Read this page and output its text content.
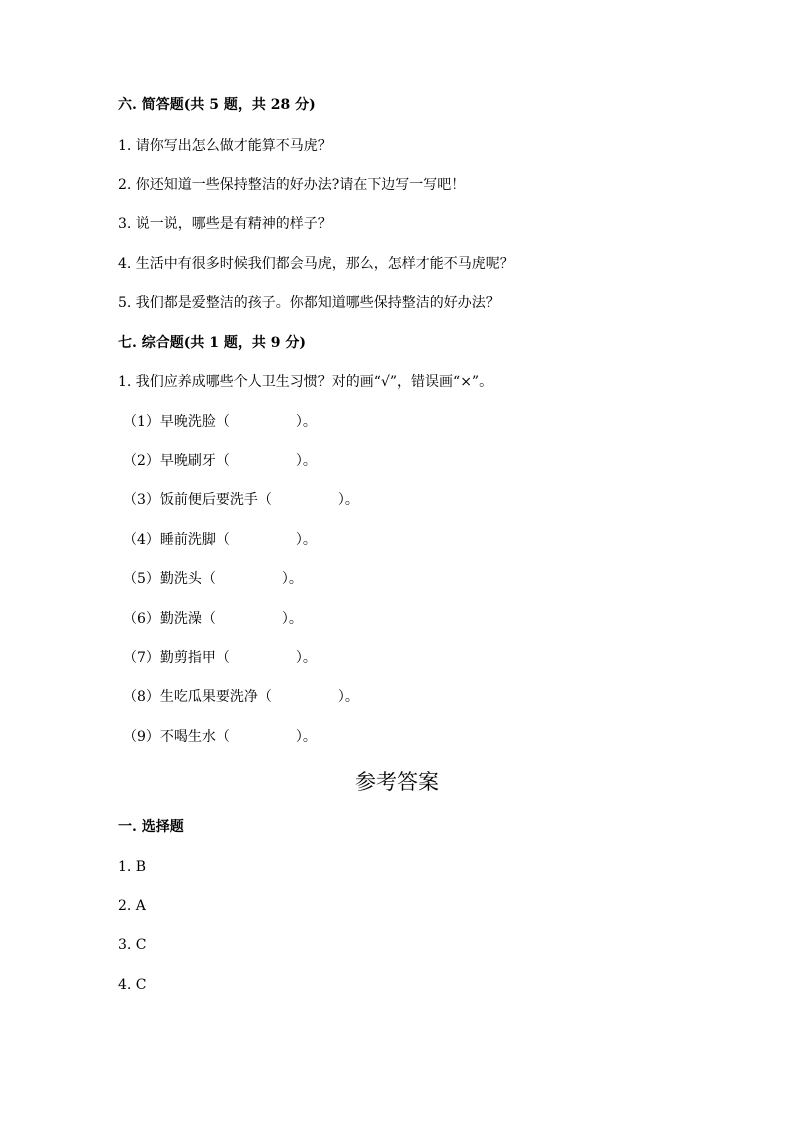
六. 简答题(共 5 题，共 28 分)
1. 请你写出怎么做才能算不马虎？
2. 你还知道一些保持整洁的好办法?请在下边写一写吧！
3. 说一说，哪些是有精神的样子？
4. 生活中有很多时候我们都会马虎，那么，怎样才能不马虎呢？
5. 我们都是爱整洁的孩子。你都知道哪些保持整洁的好办法？
七. 综合题(共 1 题，共 9 分)
1. 我们应养成哪些个人卫生习惯？对的画“√”，错误画“×”。
（1）早晚洗脸（	）。
（2）早晚刷牙（	）。
（3）饭前便后要洗手（	）。
（4）睡前洗脚（	）。
（5）勤洗头（	）。
（6）勤洗澡（	）。
（7）勤剪指甲（	）。
（8）生吃瓜果要洗净（	）。
（9）不喝生水（	）。
参考答案
一. 选择题
1. B
2. A
3. C
4. C
